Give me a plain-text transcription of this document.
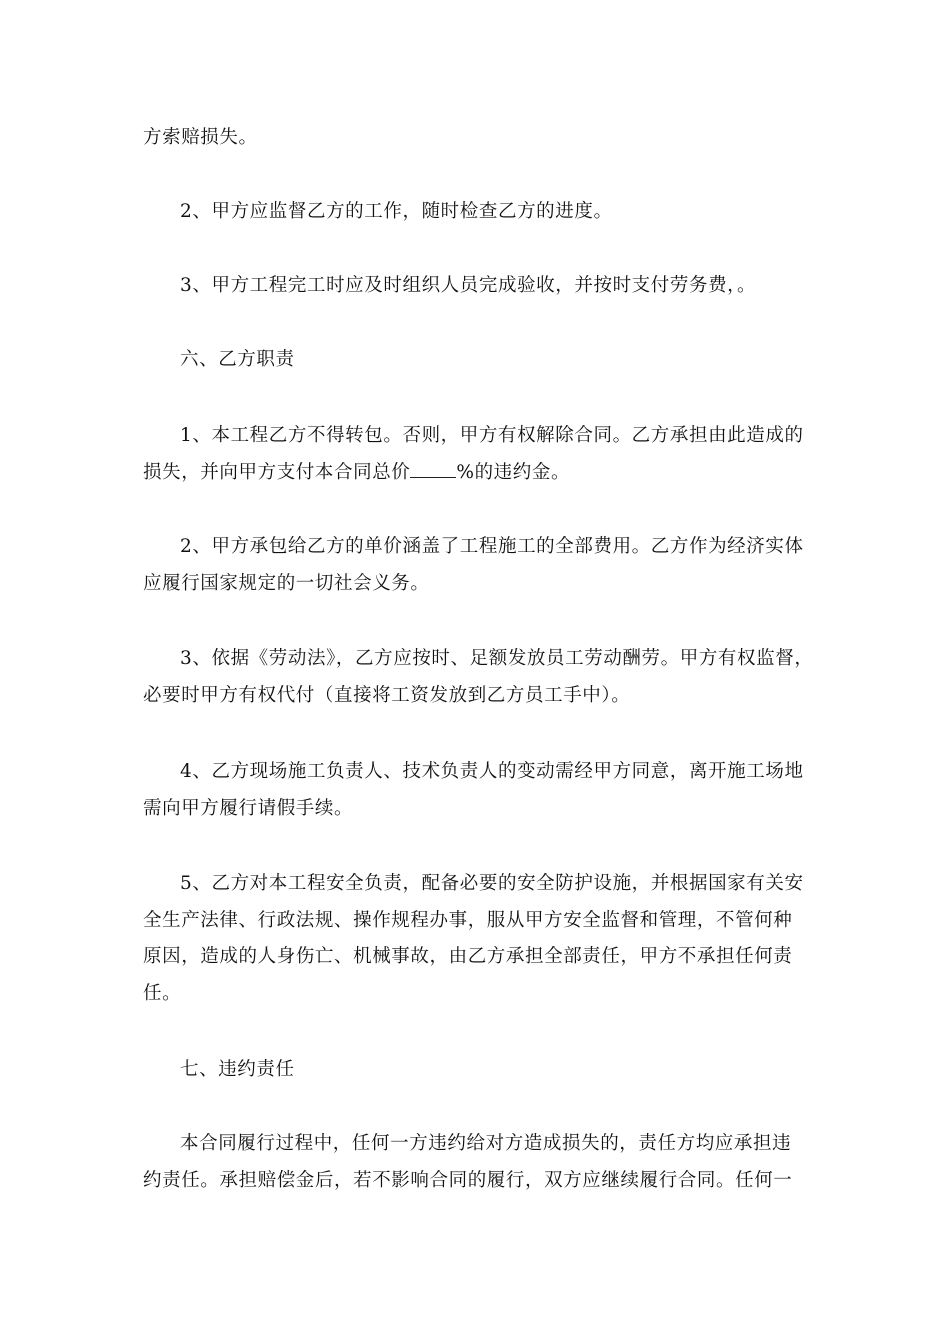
方索赔损失。

2、甲方应监督乙方的工作，随时检查乙方的进度。

3、甲方工程完工时应及时组织人员完成验收，并按时支付劳务费，。

六、乙方职责

1、本工程乙方不得转包。否则，甲方有权解除合同。乙方承担由此造成的
损失，并向甲方支付本合同总价 %的违约金。

2、甲方承包给乙方的单价涵盖了工程施工的全部费用。乙方作为经济实体
应履行国家规定的一切社会义务。

3、依据《劳动法》，乙方应按时、足额发放员工劳动酬劳。甲方有权监督，
必要时甲方有权代付（直接将工资发放到乙方员工手中）。

4、乙方现场施工负责人、技术负责人的变动需经甲方同意，离开施工场地
需向甲方履行请假手续。

5、乙方对本工程安全负责，配备必要的安全防护设施，并根据国家有关安
全生产法律、行政法规、操作规程办事，服从甲方安全监督和管理，不管何种
原因，造成的人身伤亡、机械事故，由乙方承担全部责任，甲方不承担任何责
任。

七、违约责任

本合同履行过程中，任何一方违约给对方造成损失的，责任方均应承担违
约责任。承担赔偿金后，若不影响合同的履行，双方应继续履行合同。任何一
